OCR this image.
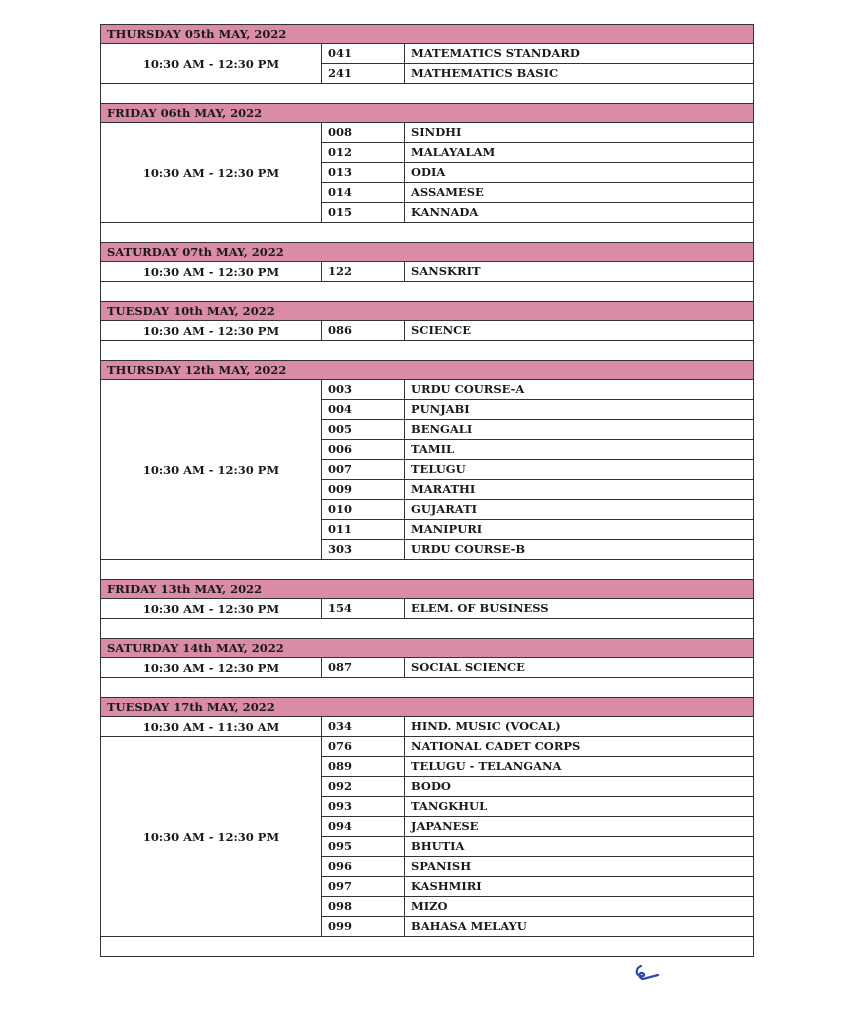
THURSDAY 05th MAY, 2022
10:30 AM - 12:30 PM
041	MATEMATICS STANDARD
241	MATHEMATICS BASIC
FRIDAY 06th MAY, 2022
10:30 AM - 12:30 PM
008	SINDHI
012	MALAYALAM
013	ODIA
014	ASSAMESE
015	KANNADA
SATURDAY 07th MAY, 2022
10:30 AM - 12:30 PM	122	SANSKRIT
TUESDAY 10th MAY, 2022
10:30 AM - 12:30 PM	086	SCIENCE
THURSDAY 12th MAY, 2022
10:30 AM - 12:30 PM
003	URDU COURSE-A
004	PUNJABI
005	BENGALI
006	TAMIL
007	TELUGU
009	MARATHI
010	GUJARATI
011	MANIPURI
303	URDU COURSE-B
FRIDAY 13th MAY, 2022
10:30 AM - 12:30 PM	154	ELEM. OF BUSINESS
SATURDAY 14th MAY, 2022
10:30 AM - 12:30 PM	087	SOCIAL SCIENCE
TUESDAY 17th MAY, 2022
10:30 AM - 11:30 AM	034	HIND. MUSIC (VOCAL)
10:30 AM - 12:30 PM
076	NATIONAL CADET CORPS
089	TELUGU - TELANGANA
092	BODO
093	TANGKHUL
094	JAPANESE
095	BHUTIA
096	SPANISH
097	KASHMIRI
098	MIZO
099	BAHASA MELAYU
